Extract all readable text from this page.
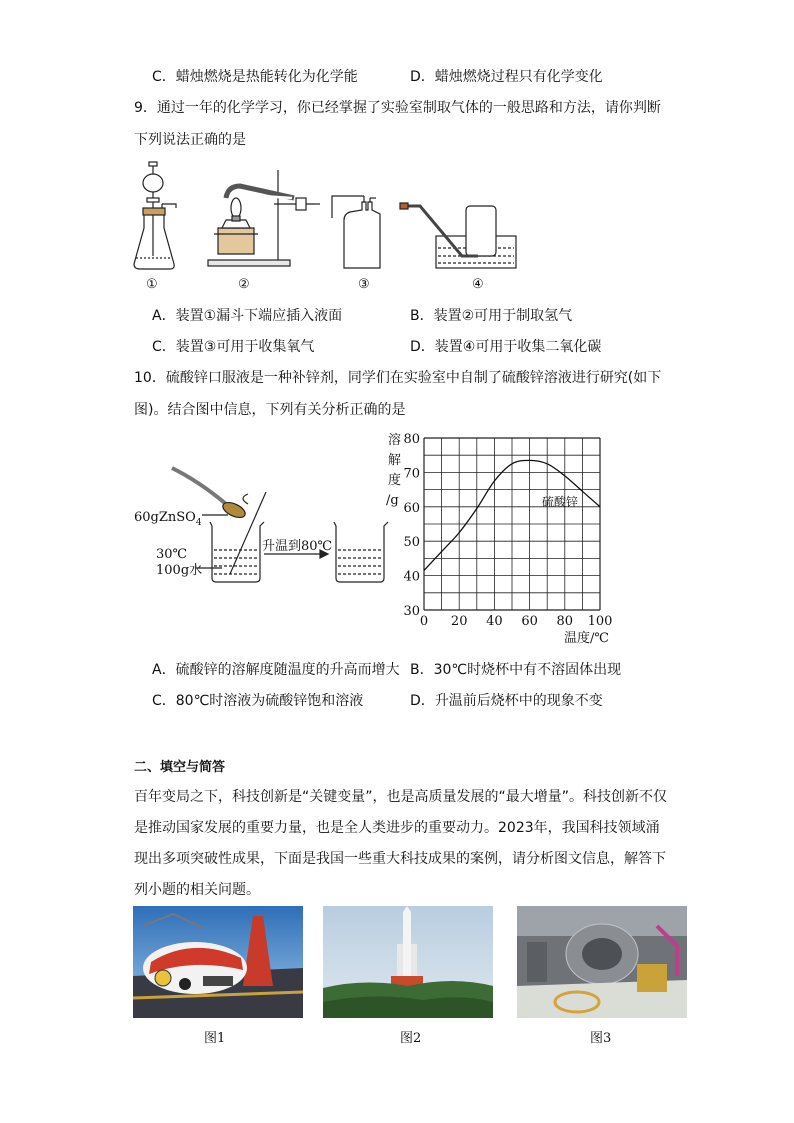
C．蜡烛燃烧是热能转化为化学能	D．蜡烛燃烧过程只有化学变化
9．通过一年的化学学习，你已经掌握了实验室制取气体的一般思路和方法，请你判断
下列说法正确的是
①	②	③	④
A．装置①漏斗下端应插入液面	B．装置②可用于制取氢气
C．装置③可用于收集氧气	D．装置④可用于收集二氧化碳
10．硫酸锌口服液是一种补锌剂，同学们在实验室中自制了硫酸锌溶液进行研究(如下
图)。结合图中信息，下列有关分析正确的是
60gZnSO$_4$
30℃
100g水
升温到80℃
0 20 40 60 80 100
30
40
50
60
70
80
溶
解
度
/g
温度/℃
硫酸锌
A．硫酸锌的溶解度随温度的升高而增大 B．30℃时烧杯中有不溶固体出现
C．80℃时溶液为硫酸锌饱和溶液	D．升温前后烧杯中的现象不变
二、填空与简答
百年变局之下，科技创新是“关键变量”，也是高质量发展的“最大增量”。科技创新不仅
是推动国家发展的重要力量，也是全人类进步的重要动力。2023年，我国科技领域涌
现出多项突破性成果，下面是我国一些重大科技成果的案例，请分析图文信息，解答下
列小题的相关问题。
图1	图2	图3
